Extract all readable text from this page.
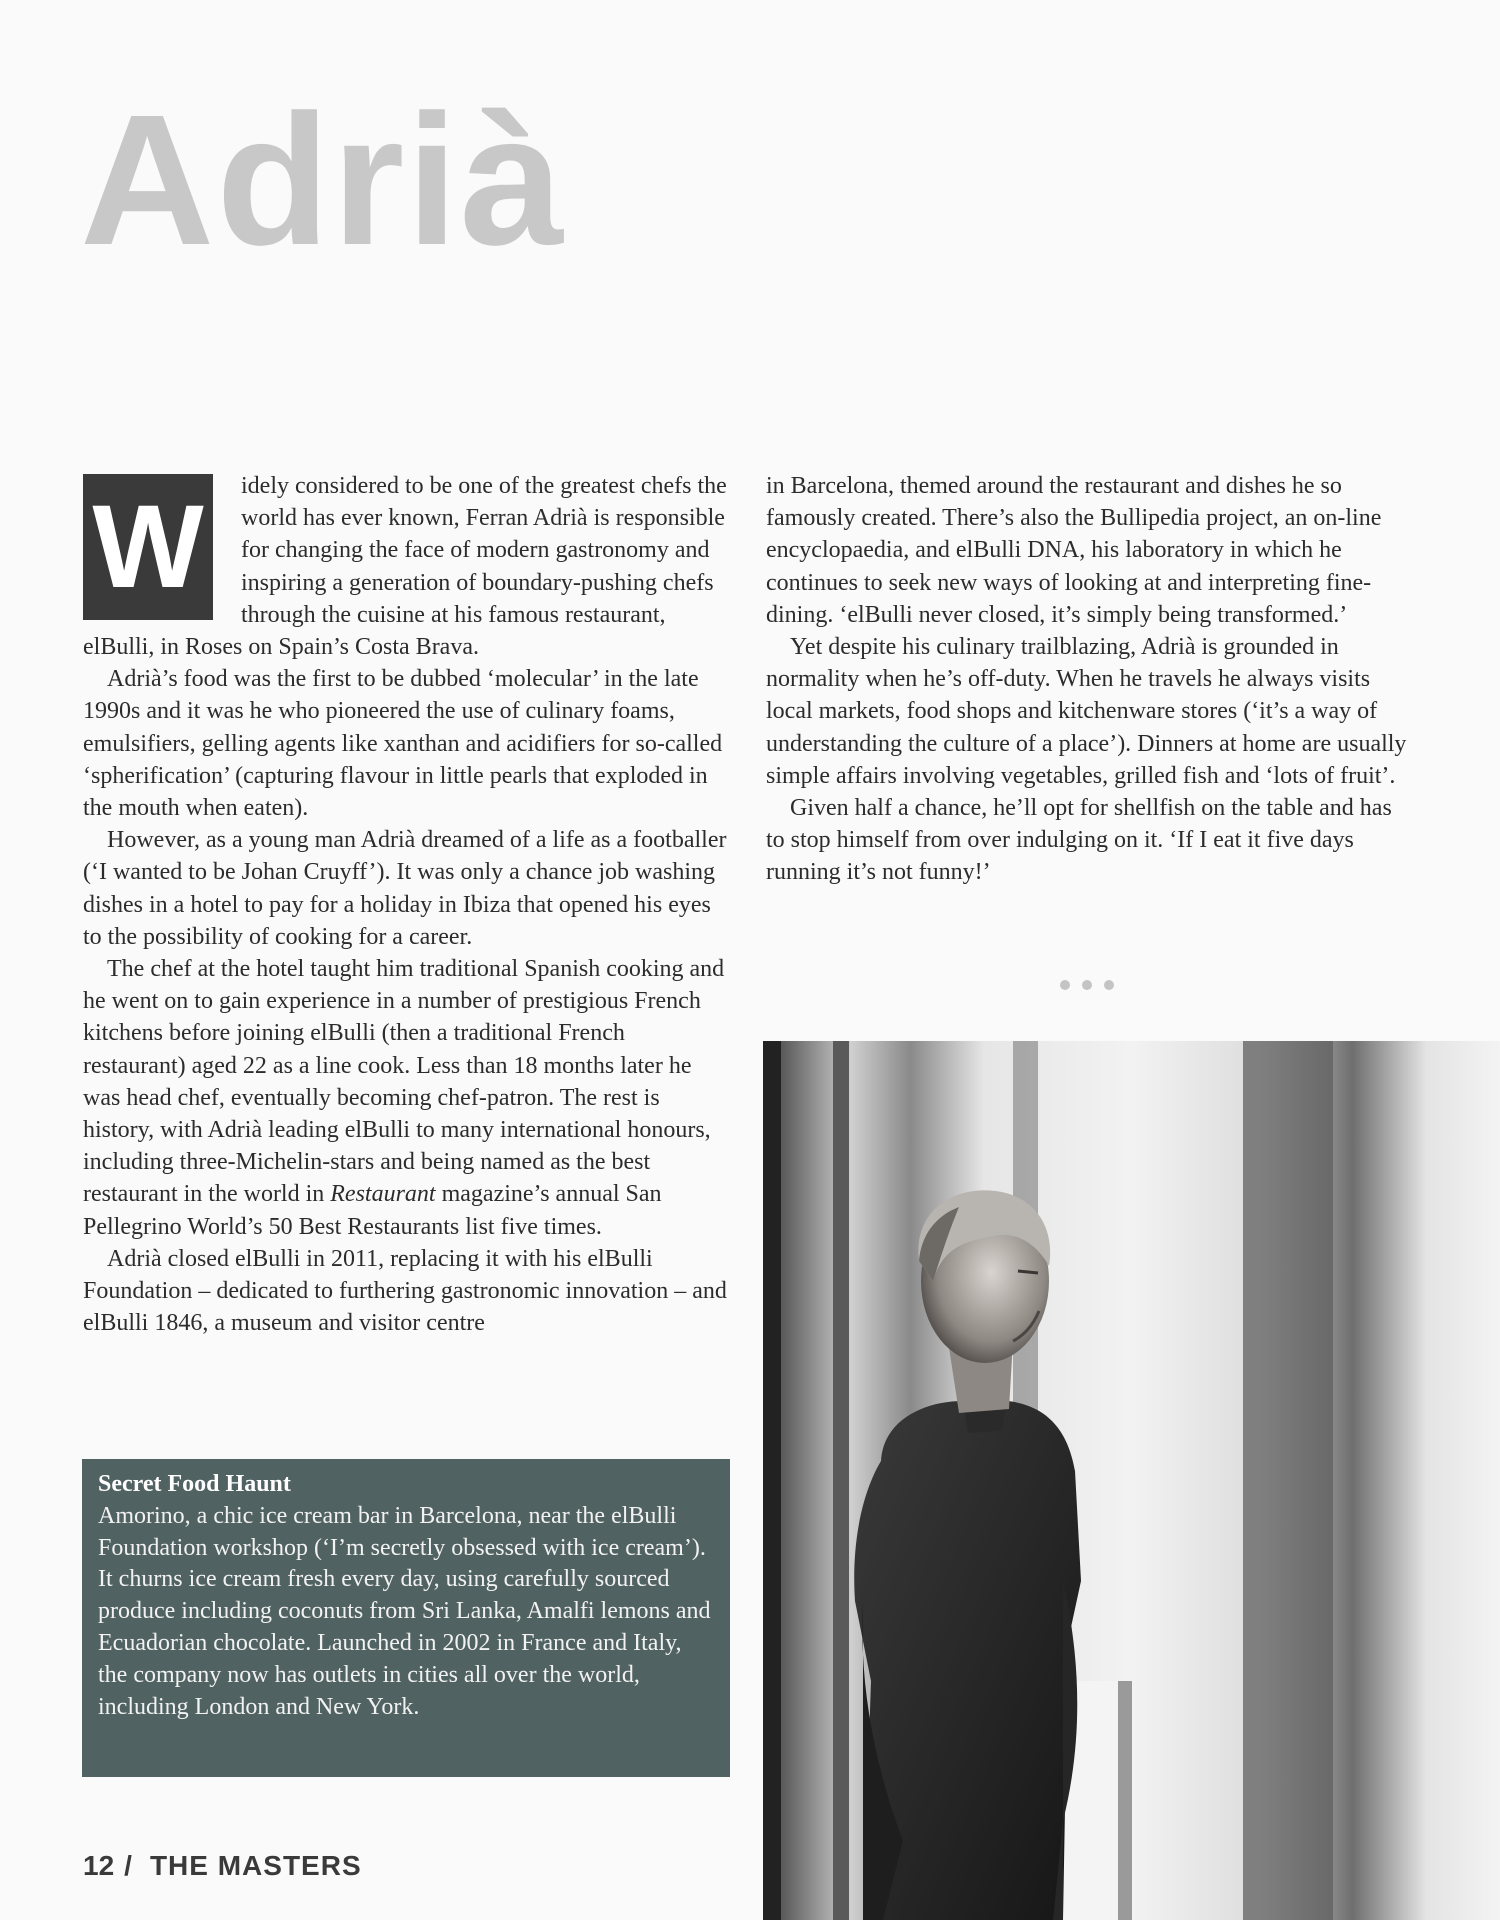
Adrià

W	idely considered to be one of the greatest chefs the world has ever known, Ferran Adrià is responsible for changing the face of modern gastronomy and inspiring a generation of boundary-pushing chefs through the cuisine at his famous restaurant, elBulli, in Roses on Spain’s Costa Brava.

Adrià’s food was the first to be dubbed ‘molecular’ in the late 1990s and it was he who pioneered the use of culinary foams, emulsifiers, gelling agents like xanthan and acidifiers for so-called ‘spherification’ (capturing flavour in little pearls that exploded in the mouth when eaten).

However, as a young man Adrià dreamed of a life as a footballer (‘I wanted to be Johan Cruyff’). It was only a chance job washing dishes in a hotel to pay for a holiday in Ibiza that opened his eyes to the possibility of cooking for a career.

The chef at the hotel taught him traditional Spanish cooking and he went on to gain experience in a number of prestigious French kitchens before joining elBulli (then a traditional French restaurant) aged 22 as a line cook. Less than 18 months later he was head chef, eventually becoming chef-patron. The rest is history, with Adrià leading elBulli to many international honours, including three-Michelin-stars and being named as the best restaurant in the world in Restaurant magazine’s annual San Pellegrino World’s 50 Best Restaurants list five times.

Adrià closed elBulli in 2011, replacing it with his elBulli Foundation – dedicated to furthering gastronomic innovation – and elBulli 1846, a museum and visitor centre

in Barcelona, themed around the restaurant and dishes he so famously created. There’s also the Bullipedia project, an on-line encyclopaedia, and elBulli DNA, his laboratory in which he continues to seek new ways of looking at and interpreting fine-dining. ‘elBulli never closed, it’s simply being transformed.’

Yet despite his culinary trailblazing, Adrià is grounded in normality when he’s off-duty. When he travels he always visits local markets, food shops and kitchenware stores (‘it’s a way of understanding the culture of a place’). Dinners at home are usually simple affairs involving vegetables, grilled fish and ‘lots of fruit’.

Given half a chance, he’ll opt for shellfish on the table and has to stop himself from over indulging on it. ‘If I eat it five days running it’s not funny!’

Secret Food Haunt

Amorino, a chic ice cream bar in Barcelona, near the elBulli Foundation workshop (‘I’m secretly obsessed with ice cream’). It churns ice cream fresh every day, using carefully sourced produce including coconuts from Sri Lanka, Amalfi lemons and Ecuadorian chocolate. Launched in 2002 in France and Italy, the company now has outlets in cities all over the world, including London and New York.

12 / THE MASTERS
